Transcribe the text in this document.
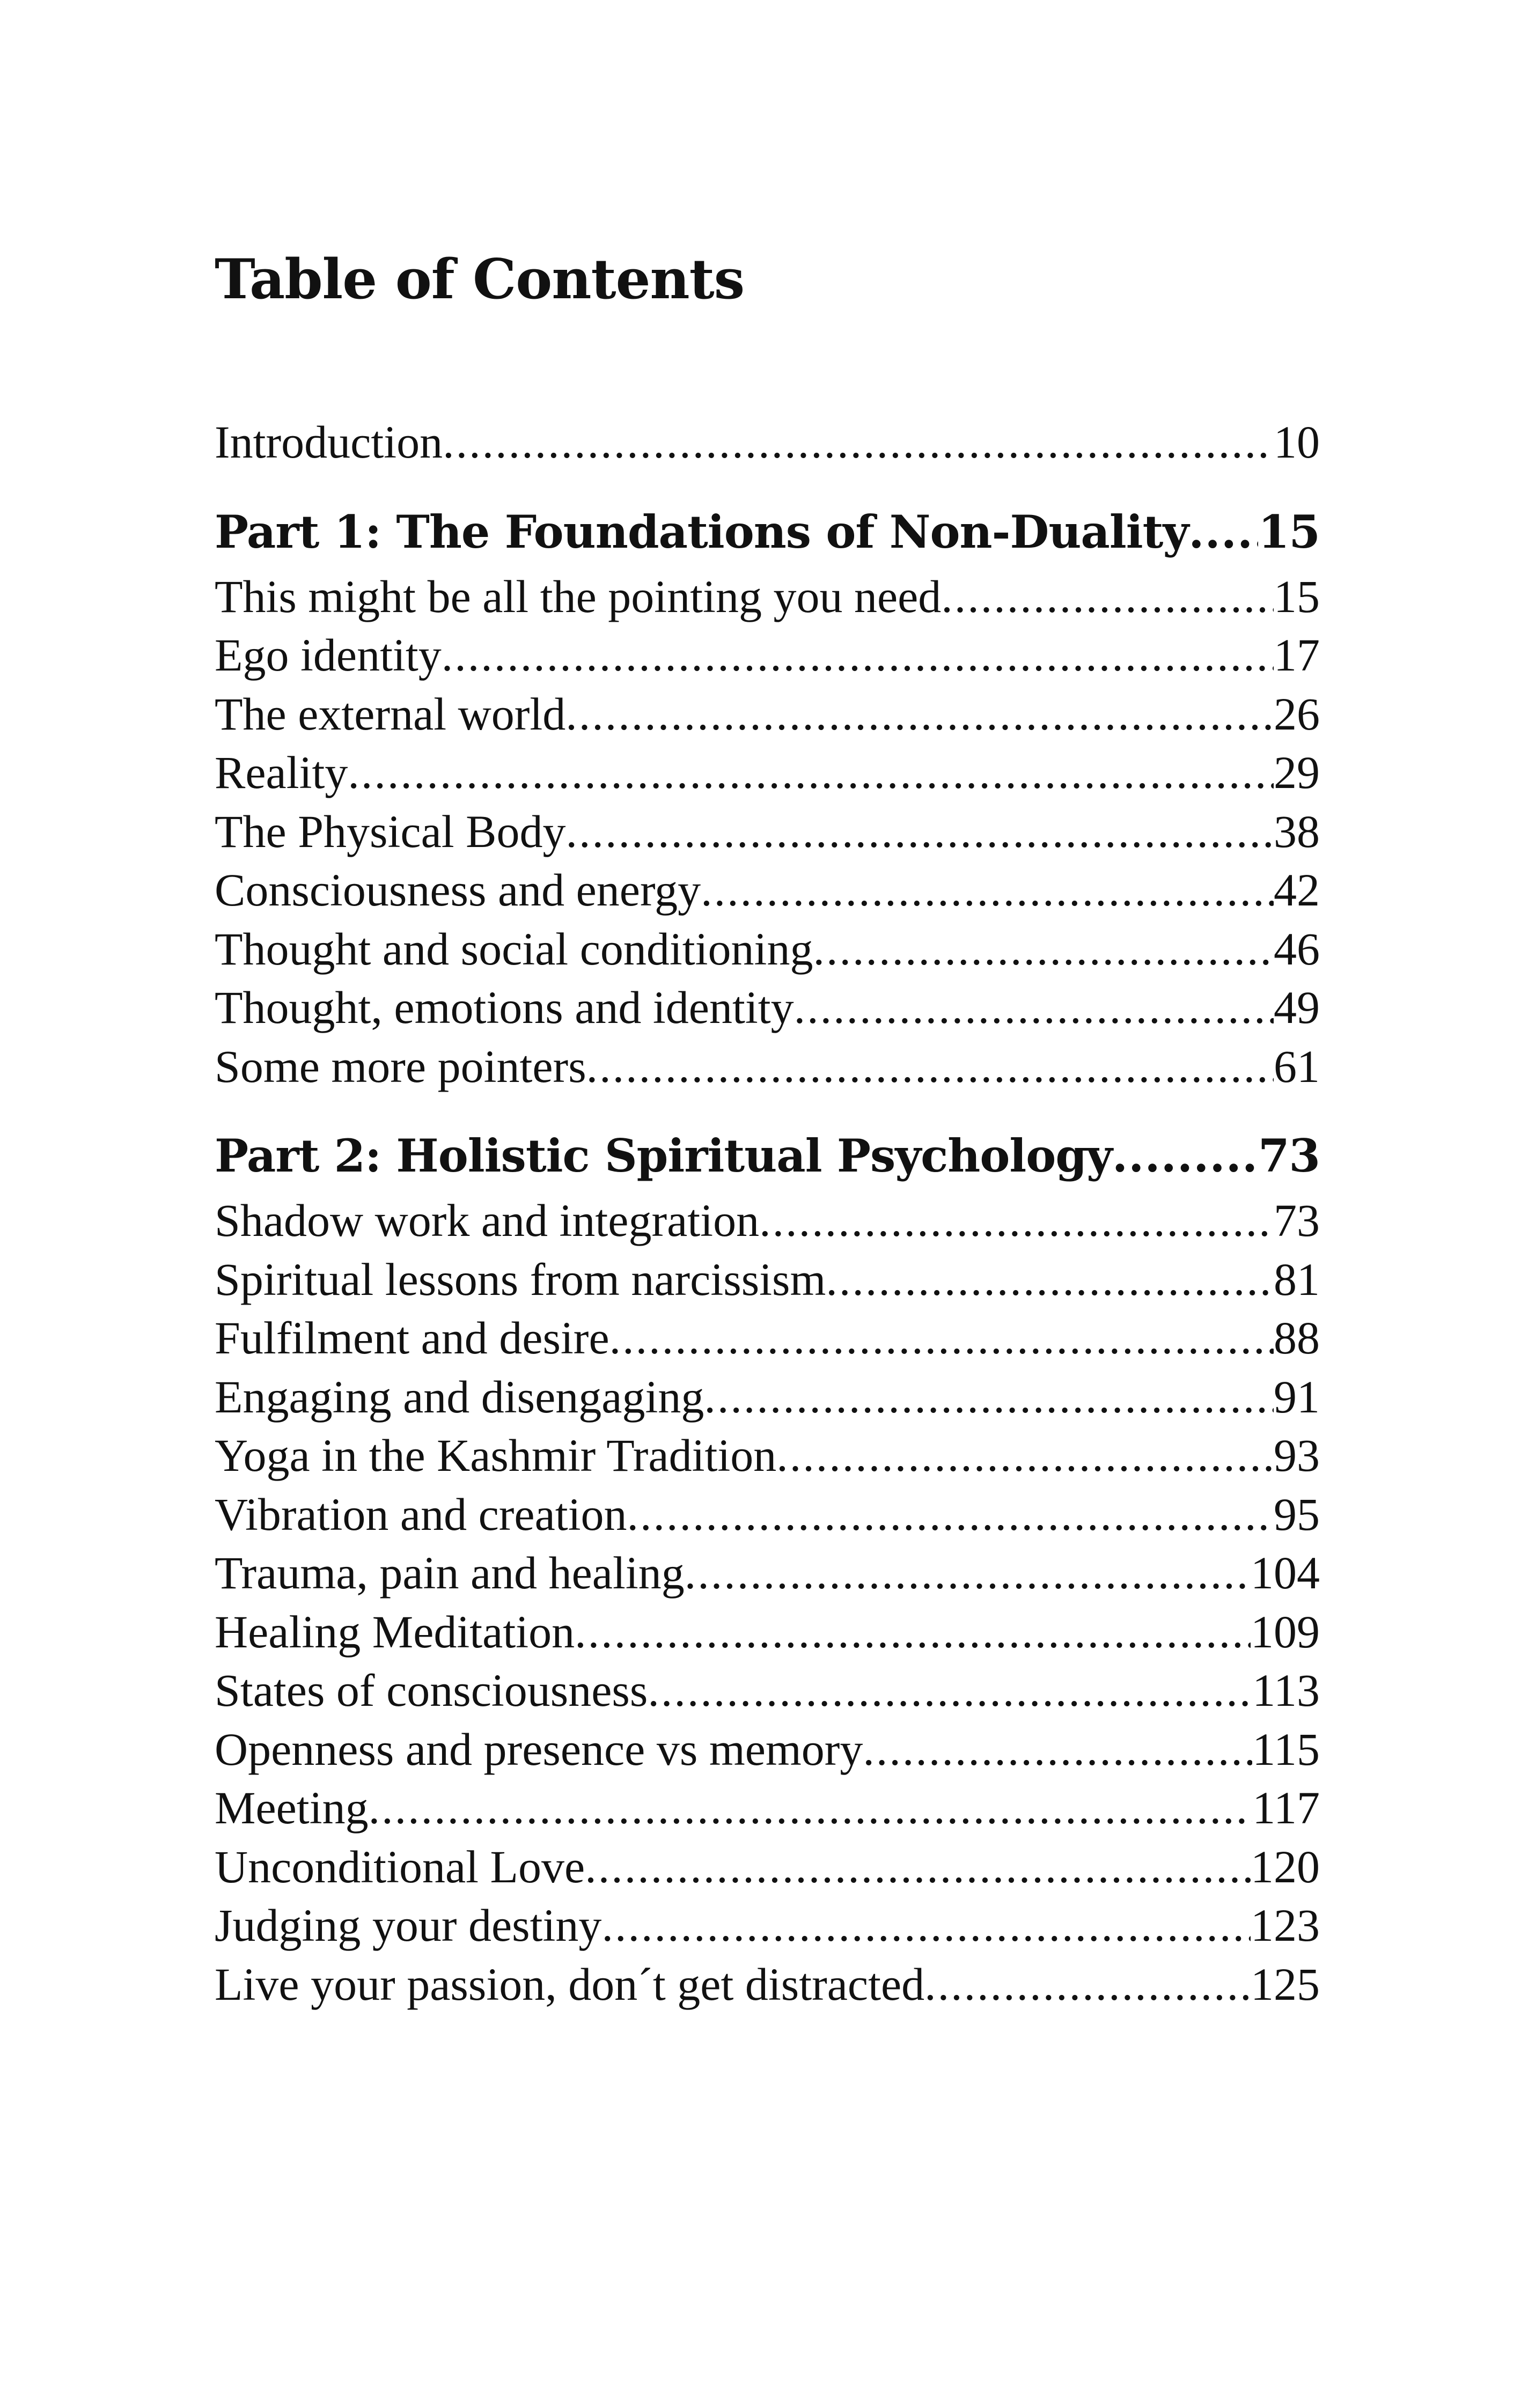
Table of Contents
Introduction .....	10
Part 1: The Foundations of Non-Duality ..... 15
This might be all the pointing you need .....	15
Ego identity .....	17
The external world .....	26
Reality .....	29
The Physical Body .....	38
Consciousness and energy .....	42
Thought and social conditioning .....	46
Thought, emotions and identity .....	49
Some more pointers .....	61
Part 2: Holistic Spiritual Psychology .....	73
Shadow work and integration .....	73
Spiritual lessons from narcissism .....	81
Fulfilment and desire .....	88
Engaging and disengaging .....	91
Yoga in the Kashmir Tradition .....	93
Vibration and creation .....	95
Trauma, pain and healing .....	104
Healing Meditation .....	109
States of consciousness .....	113
Openness and presence vs memory .....	115
Meeting .....	117
Unconditional Love .....	120
Judging your destiny .....	123
Live your passion, don´t get distracted .....	125
